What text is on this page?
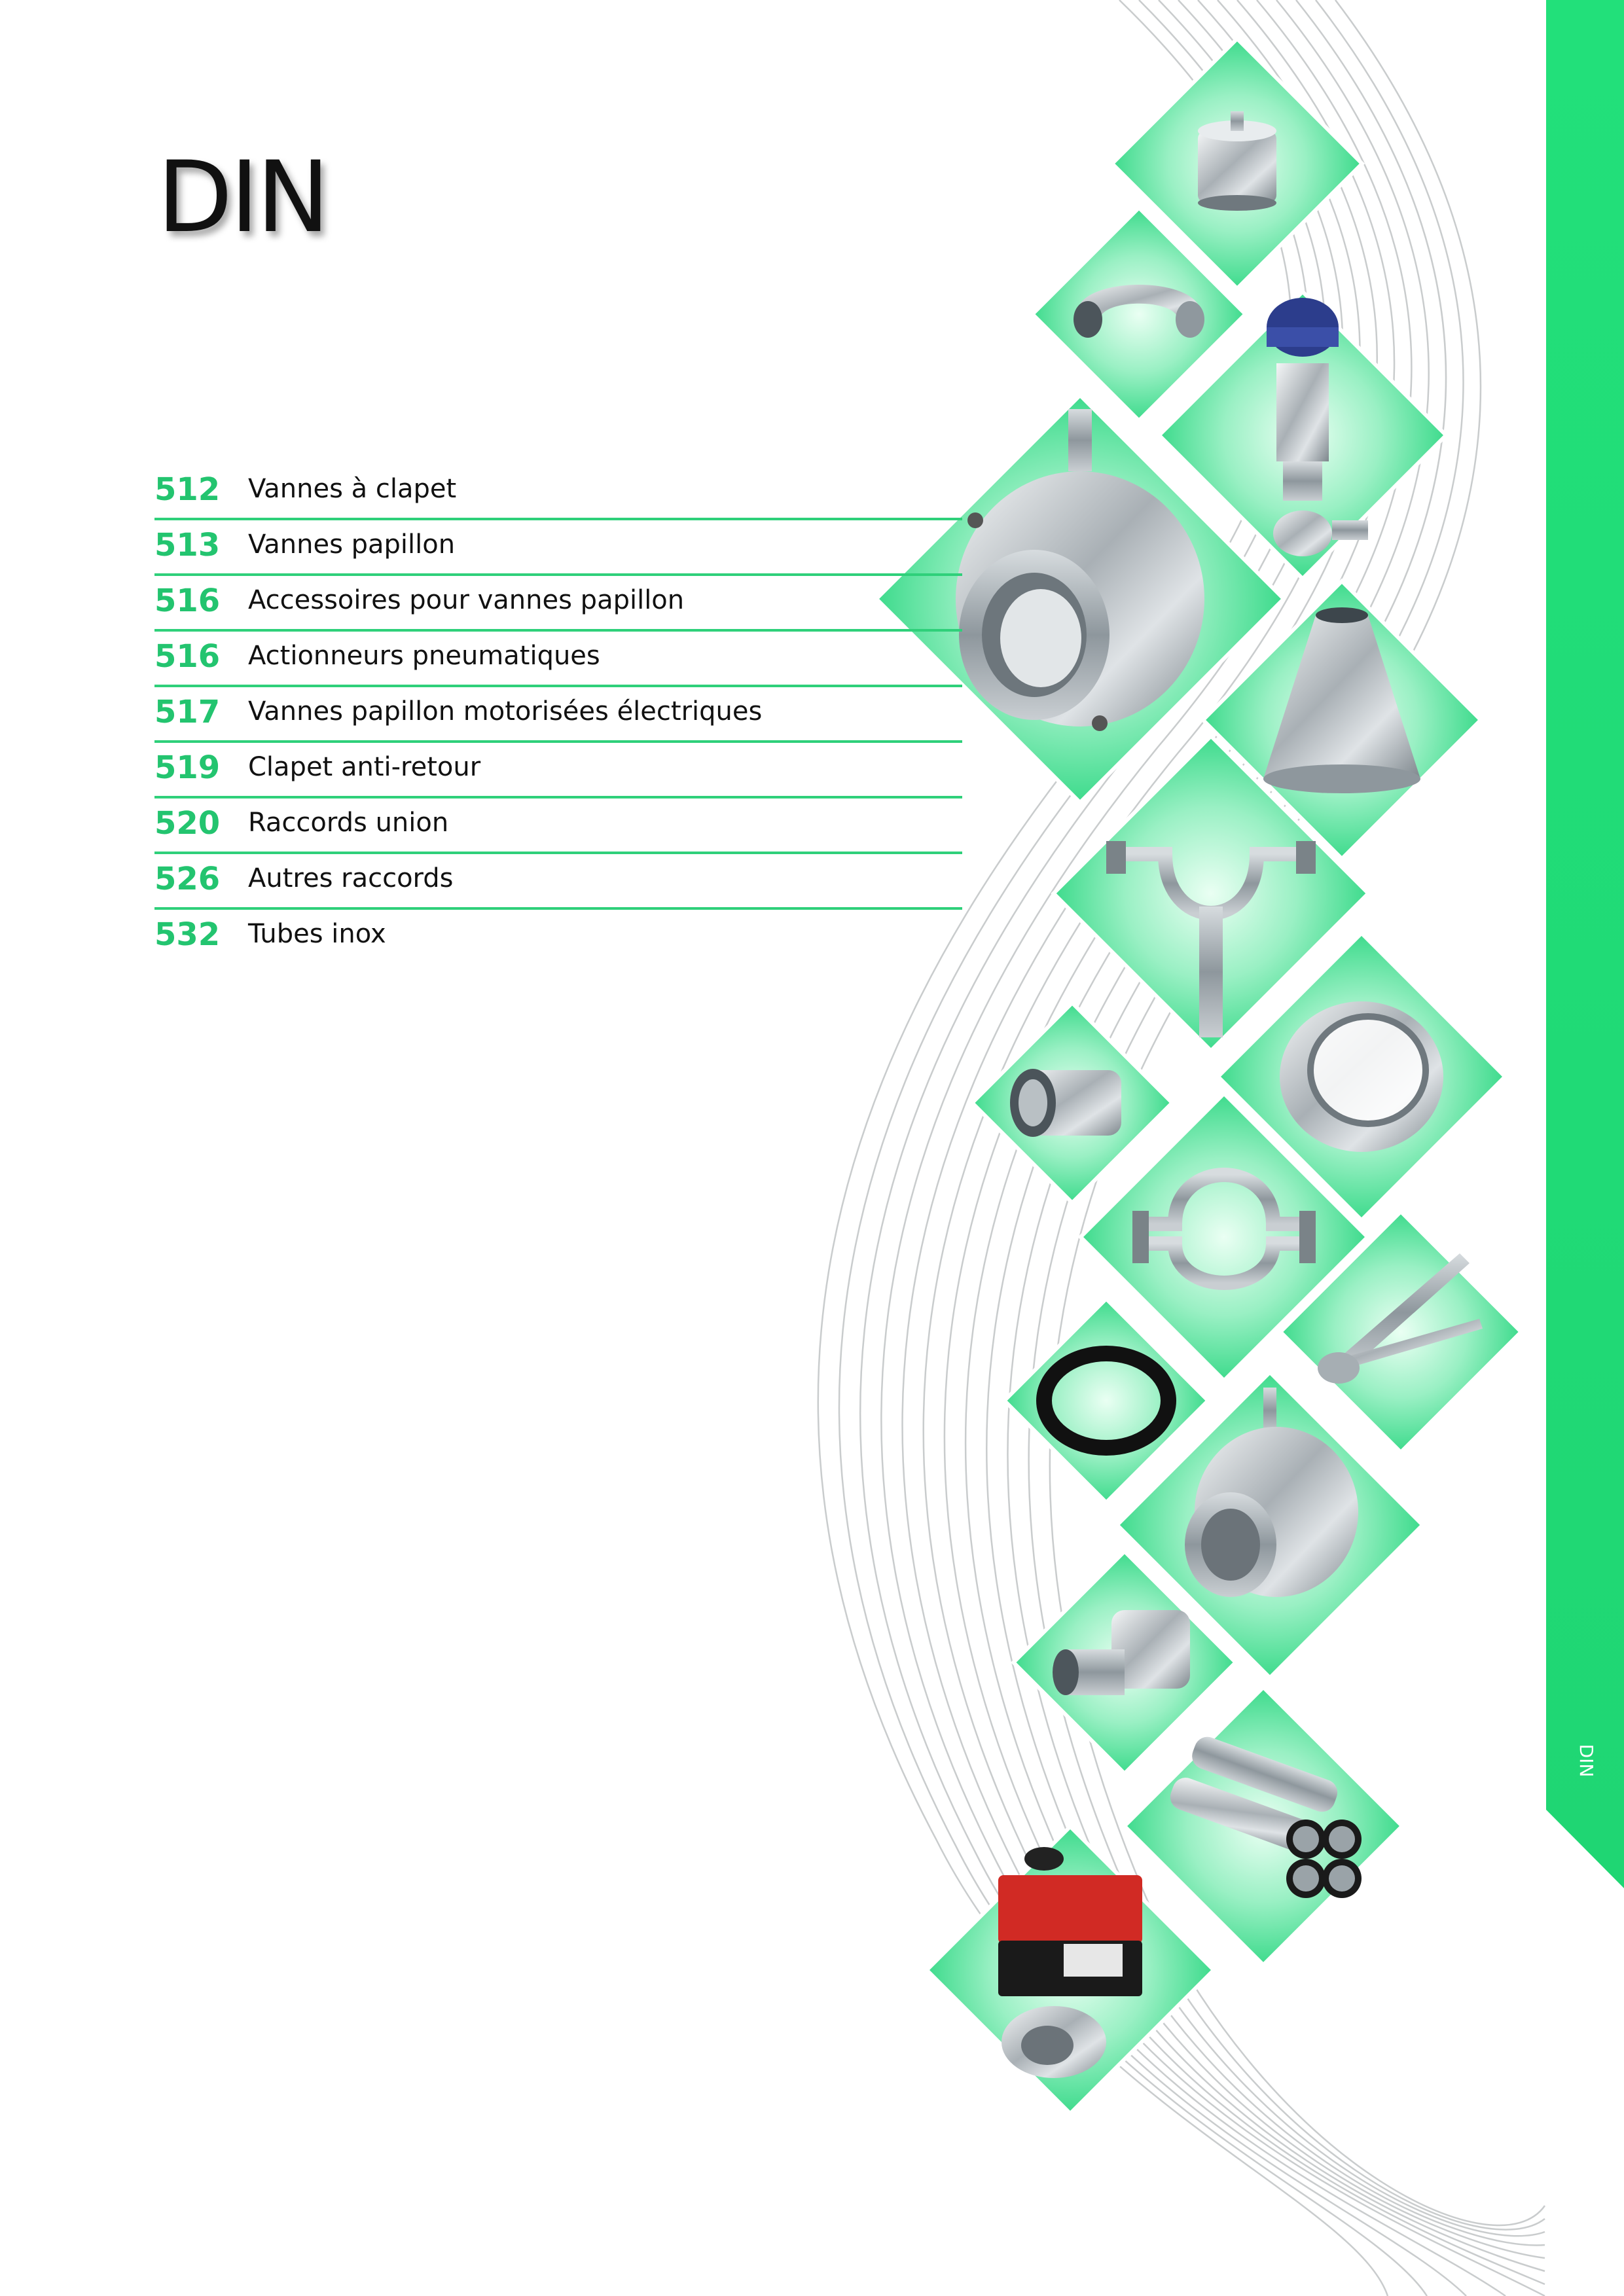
DIN
512	Vannes à clapet
513	Vannes papillon
516	Accessoires pour vannes papillon
516	Actionneurs pneumatiques
517	Vannes papillon motorisées électriques
519	Clapet anti-retour
520	Raccords union
526	Autres raccords
532	Tubes inox
DIN
